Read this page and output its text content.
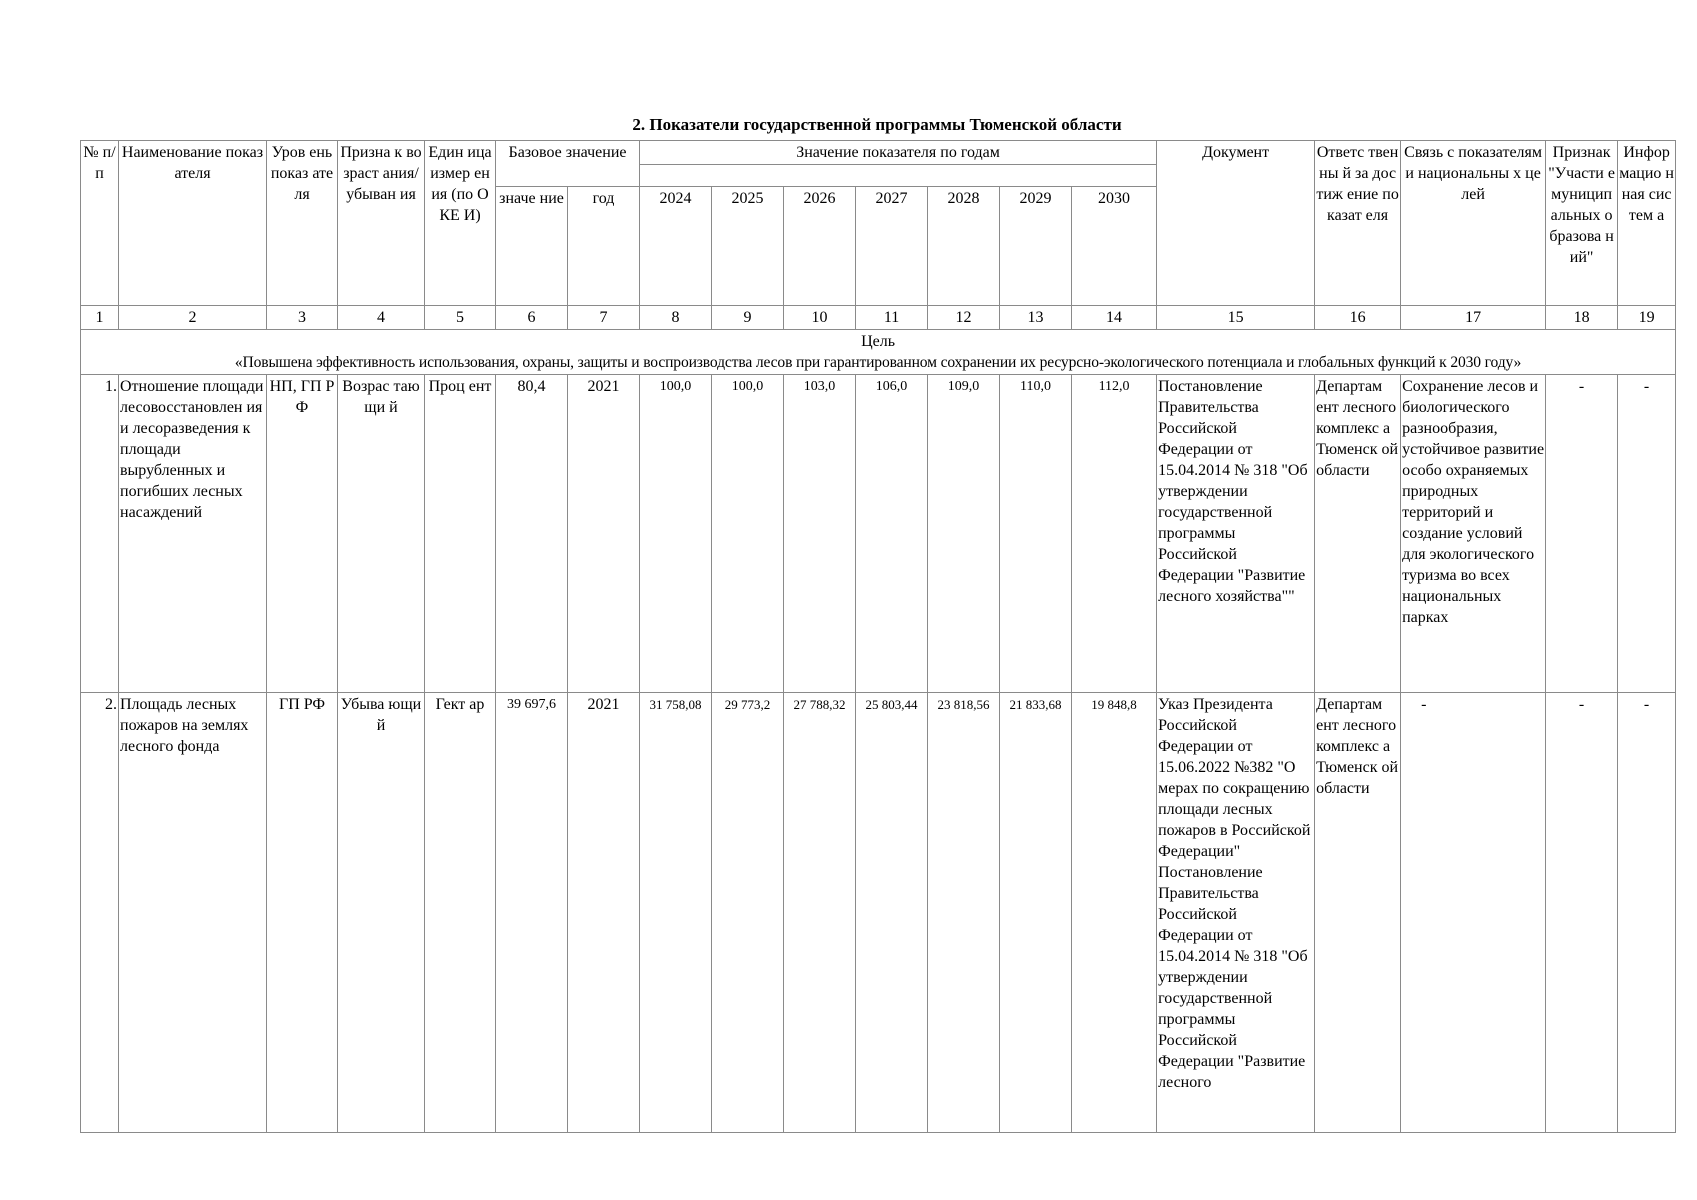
2. Показатели государственной программы Тюменской области
№ п/ п	Наименование показателя	Уров ень показ ателя	Призна к возраст ания/ убыван ия	Един ица измер ения (по ОКЕ И)	Базовое значение		Значение показателя по годам							Документ	Ответс твенны й за достиж ение показат еля	Связь с показателями национальны х целей	Признак "Участи е муницип альных образова ний"	Инфор мацио нная систем а

					значе ние	год	2024	2025	2026	2027	2028	2029	2030					
1	2	3	4	5	6	7	8	9	10	11	12	13	14	15	16	17	18	19

Цель
«Повышена эффективность использования, охраны, защиты и воспроизводства лесов при гарантированном сохранении их ресурсно-экологического потенциала и глобальных функций к 2030 году»																		

1.	Отношение площади лесовосстановлен ия и лесоразведения к площади вырубленных и погибших лесных насаждений	НП, ГП РФ	Возрас тающи й	Проц ент	80,4	2021	100,0	100,0	103,0	106,0	109,0	110,0	112,0	Постановление Правительства Российской Федерации от 15.04.2014 № 318 "Об утверждении государственной программы Российской Федерации "Развитие лесного хозяйства""	Департам ент лесного комплекс а Тюменск ой области	Сохранение лесов и биологического разнообразия, устойчивое развитие особо охраняемых природных территорий и создание условий для экологического туризма во всех национальных парках	-	-
2.	Площадь лесных пожаров на землях лесного фонда	ГП РФ	Убыва ющий	Гект ар	39 697,6	2021	31 758,08	29 773,2	27 788,32	25 803,44	23 818,56	21 833,68	19 848,8	Указ Президента Российской Федерации от 15.06.2022 №382 "О мерах по сокращению площади лесных пожаров в Российской Федерации" Постановление Правительства Российской Федерации от 15.04.2014 № 318 "Об утверждении государственной программы Российской Федерации "Развитие лесного	Департам ент лесного комплекс а Тюменск ой области	-	-	-
